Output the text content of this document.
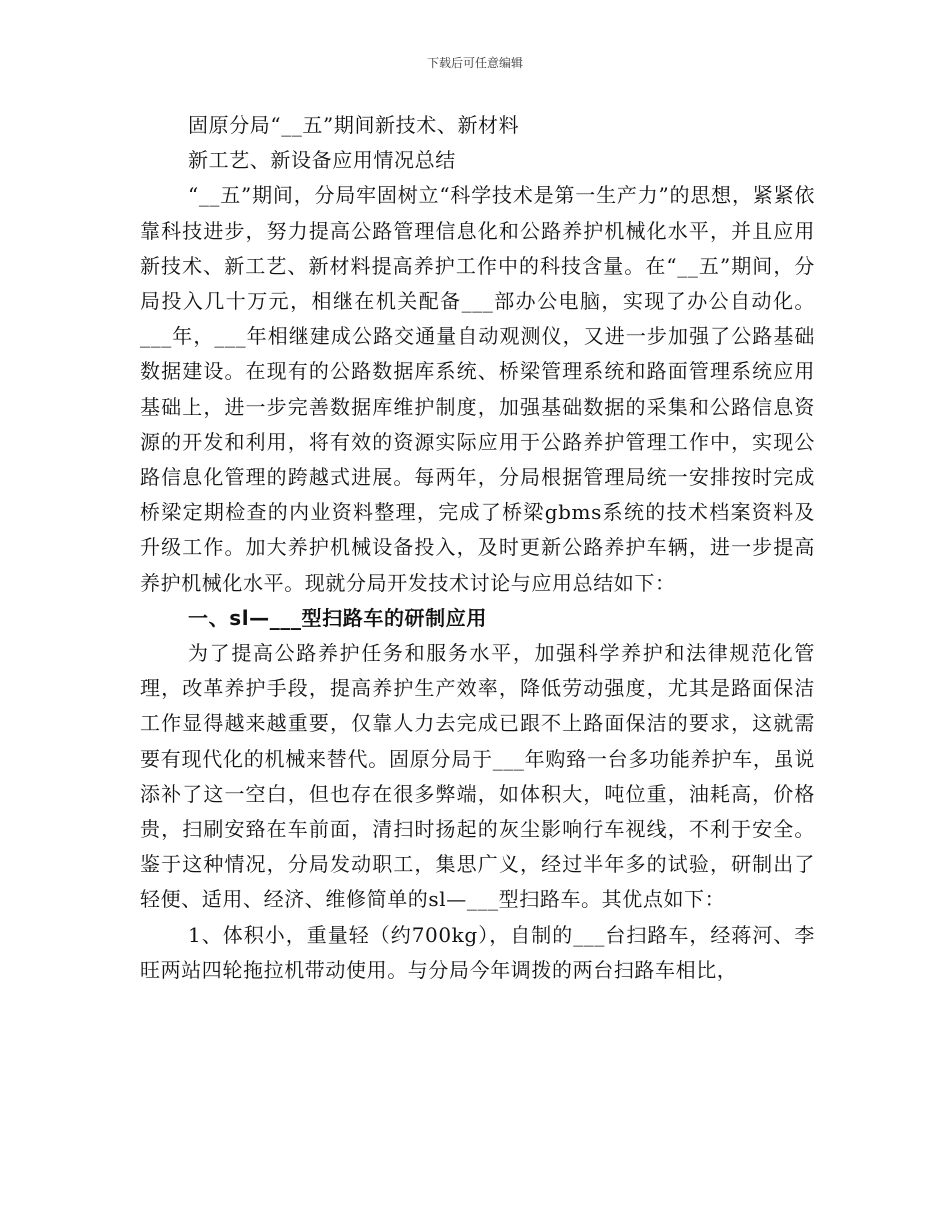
下载后可任意编辑

固原分局“__五”期间新技术、新材料

新工艺、新设备应用情况总结

“__五”期间，分局牢固树立“科学技术是第一生产力”的思想，紧紧依靠科技进步，努力提高公路管理信息化和公路养护机械化水平，并且应用新技术、新工艺、新材料提高养护工作中的科技含量。在“__五”期间，分局投入几十万元，相继在机关配备___部办公电脑，实现了办公自动化。___年，___年相继建成公路交通量自动观测仪，又进一步加强了公路基础数据建设。在现有的公路数据库系统、桥梁管理系统和路面管理系统应用基础上，进一步完善数据库维护制度，加强基础数据的采集和公路信息资源的开发和利用，将有效的资源实际应用于公路养护管理工作中，实现公路信息化管理的跨越式进展。每两年，分局根据管理局统一安排按时完成桥梁定期检查的内业资料整理，完成了桥梁gbms系统的技术档案资料及升级工作。加大养护机械设备投入，及时更新公路养护车辆，进一步提高养护机械化水平。现就分局开发技术讨论与应用总结如下：

一、sl—___型扫路车的研制应用

为了提高公路养护任务和服务水平，加强科学养护和法律规范化管理，改革养护手段，提高养护生产效率，降低劳动强度，尤其是路面保洁工作显得越来越重要，仅靠人力去完成已跟不上路面保洁的要求，这就需要有现代化的机械来替代。固原分局于___年购臵一台多功能养护车，虽说添补了这一空白，但也存在很多弊端，如体积大，吨位重，油耗高，价格贵，扫刷安臵在车前面，清扫时扬起的灰尘影响行车视线，不利于安全。鉴于这种情况，分局发动职工，集思广义，经过半年多的试验，研制出了轻便、适用、经济、维修简单的sl—___型扫路车。其优点如下：

1、体积小，重量轻（约700kg），自制的___台扫路车，经蒋河、李旺两站四轮拖拉机带动使用。与分局今年调拨的两台扫路车相比，
